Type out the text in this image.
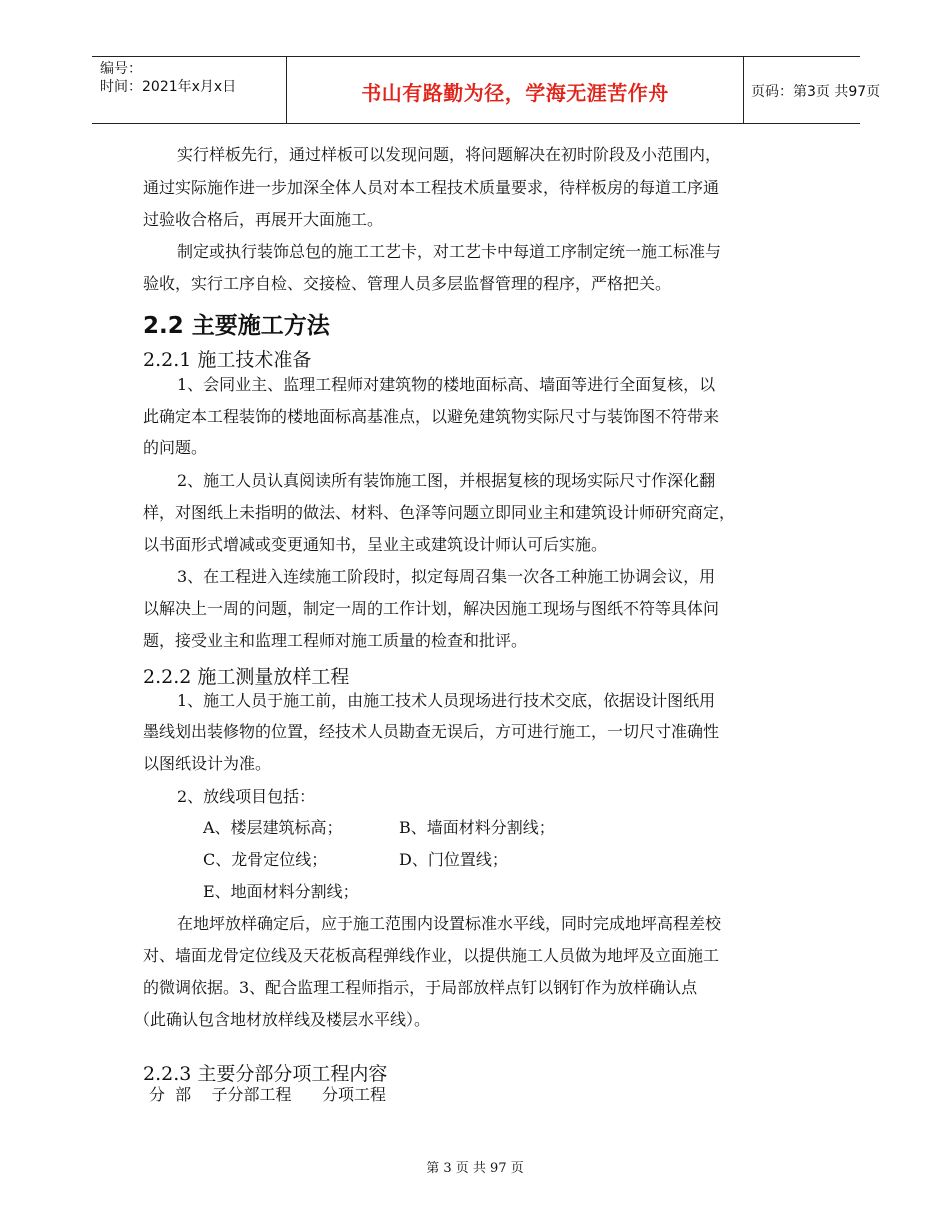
编号：
时间：2021年x月x日	书山有路勤为径，学海无涯苦作舟	页码：第3页 共97页
实行样板先行，通过样板可以发现问题，将问题解决在初时阶段及小范围内，
通过实际施作进一步加深全体人员对本工程技术质量要求，待样板房的每道工序通
过验收合格后，再展开大面施工。
制定或执行装饰总包的施工工艺卡，对工艺卡中每道工序制定统一施工标准与
验收，实行工序自检、交接检、管理人员多层监督管理的程序，严格把关。
2.2 主要施工方法
2.2.1 施工技术准备
1、会同业主、监理工程师对建筑物的楼地面标高、墙面等进行全面复核，以
此确定本工程装饰的楼地面标高基准点，以避免建筑物实际尺寸与装饰图不符带来
的问题。
2、施工人员认真阅读所有装饰施工图，并根据复核的现场实际尺寸作深化翻
样，对图纸上未指明的做法、材料、色泽等问题立即同业主和建筑设计师研究商定，
以书面形式增减或变更通知书，呈业主或建筑设计师认可后实施。
3、在工程进入连续施工阶段时，拟定每周召集一次各工种施工协调会议，用
以解决上一周的问题，制定一周的工作计划，解决因施工现场与图纸不符等具体问
题，接受业主和监理工程师对施工质量的检查和批评。
2.2.2 施工测量放样工程
1、施工人员于施工前，由施工技术人员现场进行技术交底，依据设计图纸用
墨线划出装修物的位置，经技术人员勘查无误后，方可进行施工，一切尺寸准确性
以图纸设计为准。
2、放线项目包括：
A、楼层建筑标高；	B、墙面材料分割线；
C、龙骨定位线；	D、门位置线；
E、地面材料分割线；
在地坪放样确定后，应于施工范围内设置标准水平线，同时完成地坪高程差校
对、墙面龙骨定位线及天花板高程弹线作业，以提供施工人员做为地坪及立面施工
的微调依据。3、配合监理工程师指示，于局部放样点钉以钢钉作为放样确认点
（此确认包含地材放样线及楼层水平线）。
2.2.3 主要分部分项工程内容
分  部    子分部工程      分项工程
第 3 页 共 97 页
